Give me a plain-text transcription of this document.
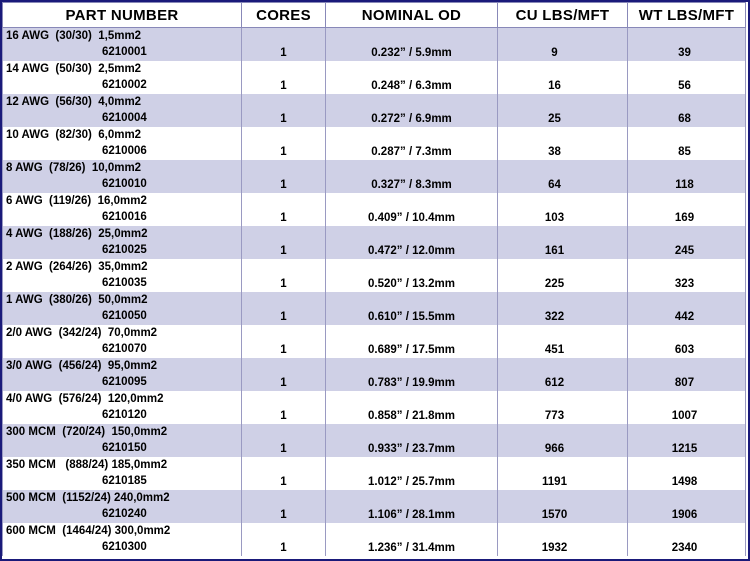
PART NUMBER	CORES	NOMINAL OD	CU LBS/MFT	WT LBS/MFT

16 AWG  (30/30)  1,5mm2
6210001	1	0.232” / 5.9mm	9	39

14 AWG  (50/30)  2,5mm2
6210002	1	0.248” / 6.3mm	16	56

12 AWG  (56/30)  4,0mm2
6210004	1	0.272” / 6.9mm	25	68

10 AWG  (82/30)  6,0mm2
6210006	1	0.287” / 7.3mm	38	85

8 AWG  (78/26)  10,0mm2
6210010	1	0.327” / 8.3mm	64	118

6 AWG  (119/26)  16,0mm2
6210016	1	0.409” / 10.4mm	103	169

4 AWG  (188/26)  25,0mm2
6210025	1	0.472” / 12.0mm	161	245

2 AWG  (264/26)  35,0mm2
6210035	1	0.520” / 13.2mm	225	323

1 AWG  (380/26)  50,0mm2
6210050	1	0.610” / 15.5mm	322	442

2/0 AWG  (342/24)  70,0mm2
6210070	1	0.689” / 17.5mm	451	603

3/0 AWG  (456/24)  95,0mm2
6210095	1	0.783” / 19.9mm	612	807

4/0 AWG  (576/24)  120,0mm2
6210120	1	0.858” / 21.8mm	773	1007

300 MCM  (720/24)  150,0mm2
6210150	1	0.933” / 23.7mm	966	1215

350 MCM   (888/24) 185,0mm2
6210185	1	1.012” / 25.7mm	1191	1498

500 MCM  (1152/24) 240,0mm2
6210240	1	1.106” / 28.1mm	1570	1906

600 MCM  (1464/24) 300,0mm2
6210300	1	1.236” / 31.4mm	1932	2340
